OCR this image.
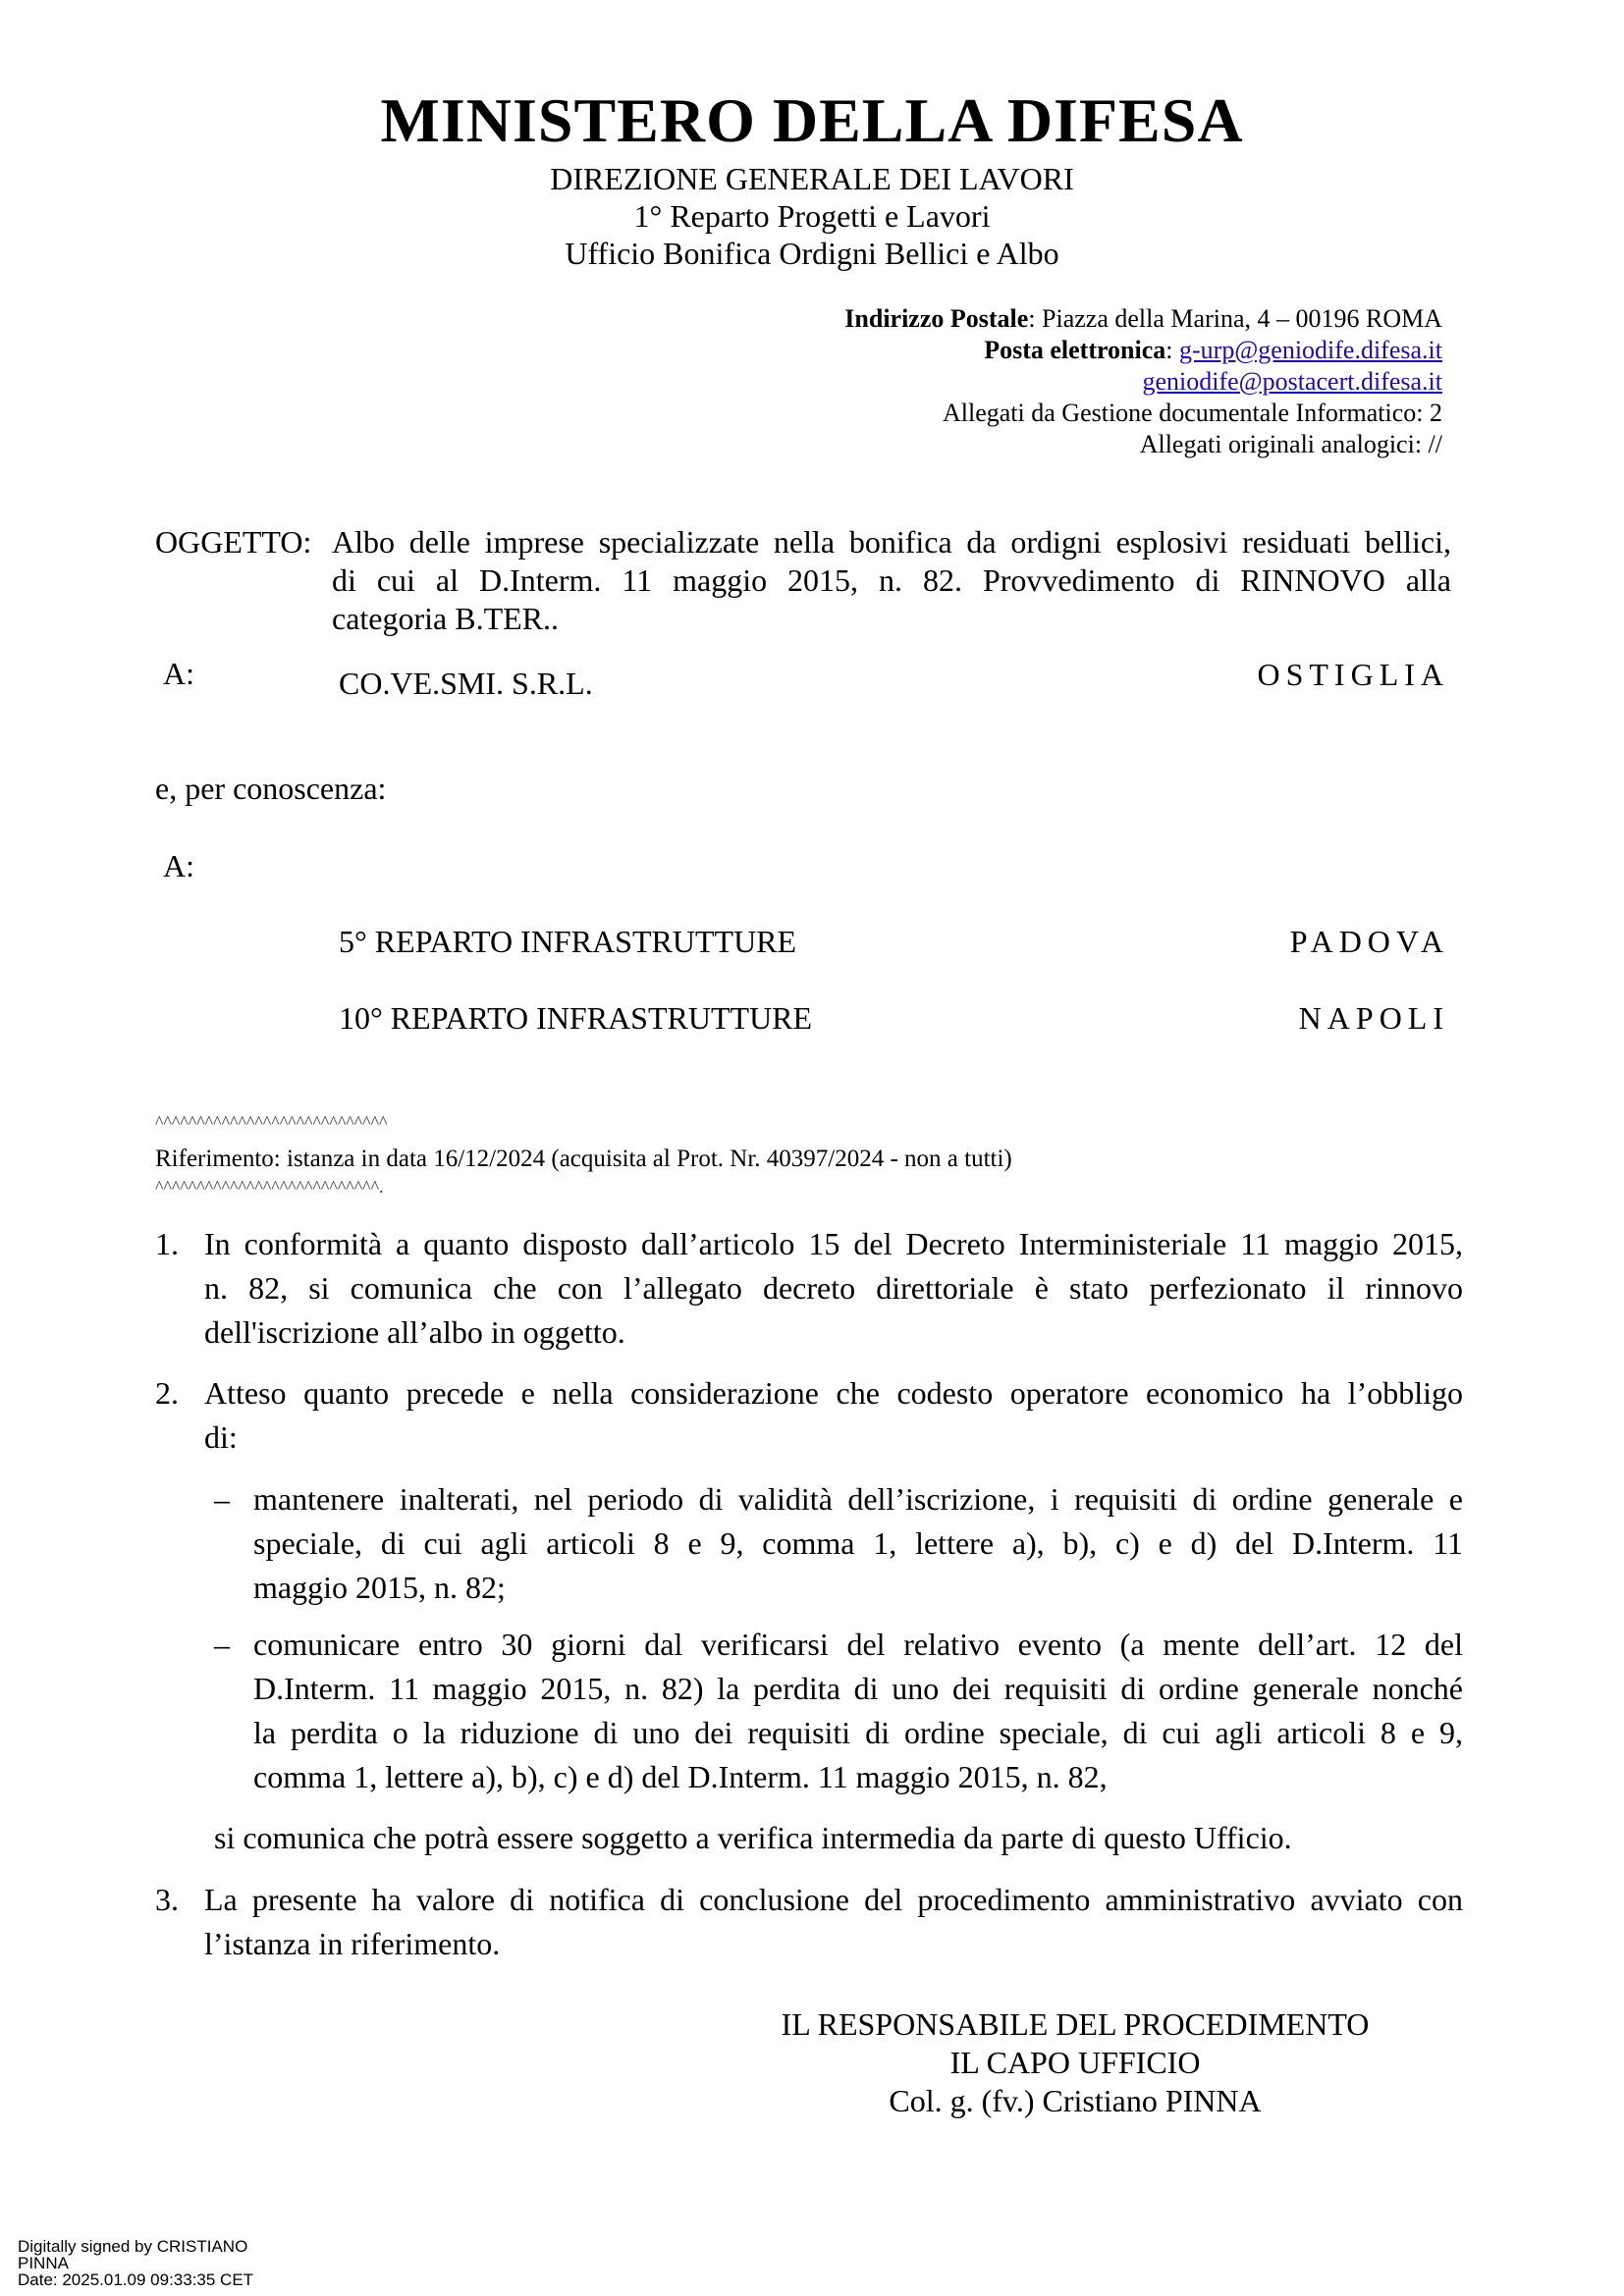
MINISTERO DELLA DIFESA
DIREZIONE GENERALE DEI LAVORI
1° Reparto Progetti e Lavori
Ufficio Bonifica Ordigni Bellici e Albo
Indirizzo Postale: Piazza della Marina, 4 – 00196 ROMA
Posta elettronica: g-urp@geniodife.difesa.it
geniodife@postacert.difesa.it
Allegati da Gestione documentale Informatico: 2
Allegati originali analogici: //
OGGETTO: Albo delle imprese specializzate nella bonifica da ordigni esplosivi residuati bellici,
di cui al D.Interm. 11 maggio 2015, n. 82. Provvedimento di RINNOVO alla
categoria B.TER..
A:	CO.VE.SMI. S.R.L.	OSTIGLIA
e, per conoscenza:
A:
5° REPARTO INFRASTRUTTURE	PADOVA
10° REPARTO INFRASTRUTTURE	NAPOLI
^^^^^^^^^^^^^^^^^^^^^^^^^^^^
Riferimento: istanza in data 16/12/2024 (acquisita al Prot. Nr. 40397/2024 - non a tutti)
^^^^^^^^^^^^^^^^^^^^^^^^^^^.
1. In conformità a quanto disposto dall’articolo 15 del Decreto Interministeriale 11 maggio 2015,
n. 82, si comunica che con l’allegato decreto direttoriale è stato perfezionato il rinnovo
dell'iscrizione all’albo in oggetto.
2. Atteso quanto precede e nella considerazione che codesto operatore economico ha l’obbligo
di:
– mantenere inalterati, nel periodo di validità dell’iscrizione, i requisiti di ordine generale e
speciale, di cui agli articoli 8 e 9, comma 1, lettere a), b), c) e d) del D.Interm. 11
maggio 2015, n. 82;
– comunicare entro 30 giorni dal verificarsi del relativo evento (a mente dell’art. 12 del
D.Interm. 11 maggio 2015, n. 82) la perdita di uno dei requisiti di ordine generale nonché
la perdita o la riduzione di uno dei requisiti di ordine speciale, di cui agli articoli 8 e 9,
comma 1, lettere a), b), c) e d) del D.Interm. 11 maggio 2015, n. 82,
si comunica che potrà essere soggetto a verifica intermedia da parte di questo Ufficio.
3. La presente ha valore di notifica di conclusione del procedimento amministrativo avviato con
l’istanza in riferimento.
IL RESPONSABILE DEL PROCEDIMENTO
IL CAPO UFFICIO
Col. g. (fv.) Cristiano PINNA
Digitally signed by CRISTIANO
PINNA
Date: 2025.01.09 09:33:35 CET
